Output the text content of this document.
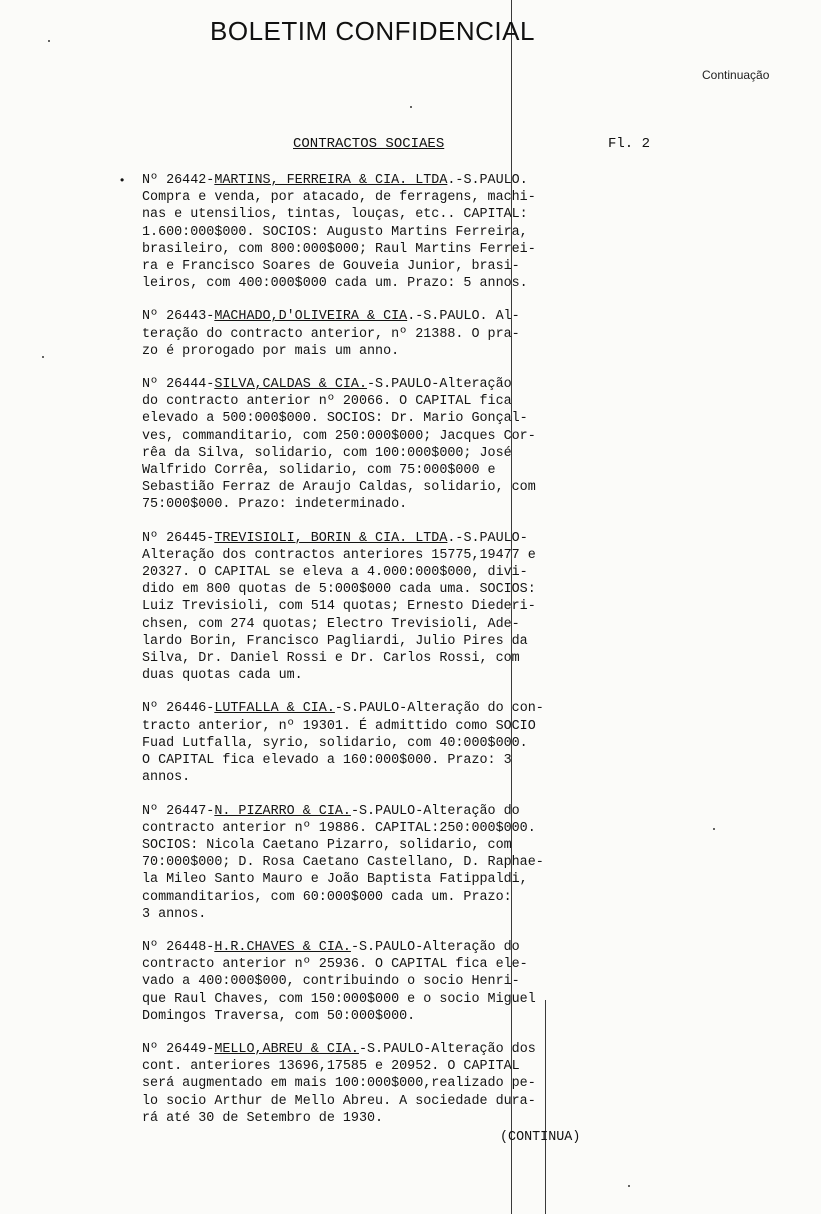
BOLETIM CONFIDENCIAL
Continuação
CONTRACTOS SOCIAES	Fl. 2
• Nº 26442-MARTINS, FERREIRA & CIA. LTDA.-S.PAULO.
Compra e venda, por atacado, de ferragens, machi-
nas e utensilios, tintas, louças, etc.. CAPITAL:
1.600:000$000. SOCIOS: Augusto Martins Ferreira,
brasileiro, com 800:000$000; Raul Martins Ferrei-
ra e Francisco Soares de Gouveia Junior, brasi-
leiros, com 400:000$000 cada um. Prazo: 5 annos.
Nº 26443-MACHADO,D'OLIVEIRA & CIA.-S.PAULO. Al-
teração do contracto anterior, nº 21388. O pra-
zo é prorogado por mais um anno.
Nº 26444-SILVA,CALDAS & CIA.-S.PAULO-Alteração
do contracto anterior nº 20066. O CAPITAL fica
elevado a 500:000$000. SOCIOS: Dr. Mario Gonçal-
ves, commanditario, com 250:000$000; Jacques Cor-
rêa da Silva, solidario, com 100:000$000; José
Walfrido Corrêa, solidario, com 75:000$000 e
Sebastião Ferraz de Araujo Caldas, solidario, com
75:000$000. Prazo: indeterminado.
Nº 26445-TREVISIOLI, BORIN & CIA. LTDA.-S.PAULO-
Alteração dos contractos anteriores 15775,19477 e
20327. O CAPITAL se eleva a 4.000:000$000, divi-
dido em 800 quotas de 5:000$000 cada uma. SOCIOS:
Luiz Trevisioli, com 514 quotas; Ernesto Diederi-
chsen, com 274 quotas; Electro Trevisioli, Ade-
lardo Borin, Francisco Pagliardi, Julio Pires da
Silva, Dr. Daniel Rossi e Dr. Carlos Rossi, com
duas quotas cada um.
Nº 26446-LUTFALLA & CIA.-S.PAULO-Alteração do con-
tracto anterior, nº 19301. É admittido como SOCIO
Fuad Lutfalla, syrio, solidario, com 40:000$000.
O CAPITAL fica elevado a 160:000$000. Prazo: 3
annos.
Nº 26447-N. PIZARRO & CIA.-S.PAULO-Alteração do
contracto anterior nº 19886. CAPITAL:250:000$000.
SOCIOS: Nicola Caetano Pizarro, solidario, com
70:000$000; D. Rosa Caetano Castellano, D. Raphae-
la Mileo Santo Mauro e João Baptista Fatippaldi,
commanditarios, com 60:000$000 cada um. Prazo:
3 annos.
Nº 26448-H.R.CHAVES & CIA.-S.PAULO-Alteração do
contracto anterior nº 25936. O CAPITAL fica ele-
vado a 400:000$000, contribuindo o socio Henri-
que Raul Chaves, com 150:000$000 e o socio Miguel
Domingos Traversa, com 50:000$000.
Nº 26449-MELLO,ABREU & CIA.-S.PAULO-Alteração dos
cont. anteriores 13696,17585 e 20952. O CAPITAL
será augmentado em mais 100:000$000,realizado pe-
lo socio Arthur de Mello Abreu. A sociedade dura-
rá até 30 de Setembro de 1930.
(CONTINUA)
